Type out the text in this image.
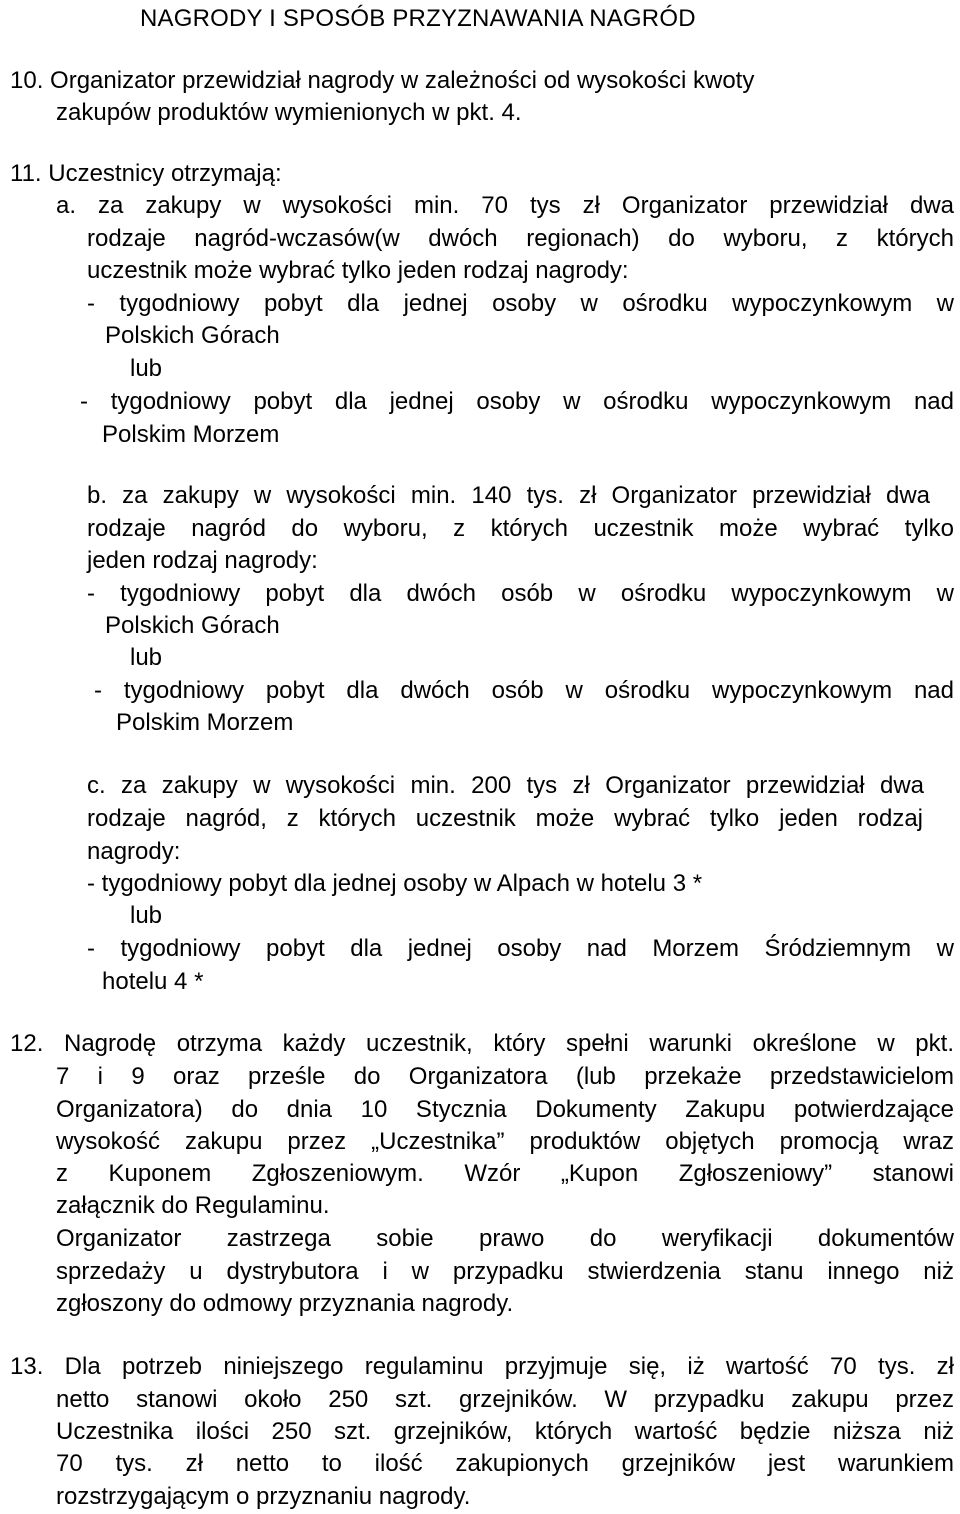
NAGRODY I SPOSÓB PRZYZNAWANIA NAGRÓD
10. Organizator przewidział nagrody w zależności od wysokości kwoty
zakupów produktów wymienionych w pkt. 4.
11. Uczestnicy otrzymają:
a. za zakupy w wysokości min. 70 tys zł Organizator przewidział dwa
rodzaje nagród-wczasów(w dwóch regionach) do wyboru, z których
uczestnik może wybrać tylko jeden rodzaj nagrody:
- tygodniowy pobyt dla jednej osoby w ośrodku wypoczynkowym w
Polskich Górach
lub
- tygodniowy pobyt dla jednej osoby w ośrodku wypoczynkowym nad
Polskim Morzem
b. za zakupy w wysokości min. 140 tys. zł Organizator przewidział dwa
rodzaje nagród do wyboru, z których uczestnik może wybrać tylko
jeden rodzaj nagrody:
- tygodniowy pobyt dla dwóch osób w ośrodku wypoczynkowym w
Polskich Górach
lub
- tygodniowy pobyt dla dwóch osób w ośrodku wypoczynkowym nad
Polskim Morzem
c. za zakupy w wysokości min. 200 tys zł Organizator przewidział dwa
rodzaje nagród, z których uczestnik może wybrać tylko jeden rodzaj
nagrody:
- tygodniowy pobyt dla jednej osoby w Alpach w hotelu 3 *
lub
- tygodniowy pobyt dla jednej osoby nad Morzem Śródziemnym w
hotelu 4 *
12. Nagrodę otrzyma każdy uczestnik, który spełni warunki określone w pkt.
7 i 9 oraz prześle do Organizatora (lub przekaże przedstawicielom
Organizatora) do dnia 10 Stycznia Dokumenty Zakupu potwierdzające
wysokość zakupu przez „Uczestnika” produktów objętych promocją wraz
z Kuponem Zgłoszeniowym. Wzór „Kupon Zgłoszeniowy” stanowi
załącznik do Regulaminu.
Organizator zastrzega sobie prawo do weryfikacji dokumentów
sprzedaży u dystrybutora i w przypadku stwierdzenia stanu innego niż
zgłoszony do odmowy przyznania nagrody.
13. Dla potrzeb niniejszego regulaminu przyjmuje się, iż wartość 70 tys. zł
netto stanowi około 250 szt. grzejników. W przypadku zakupu przez
Uczestnika ilości 250 szt. grzejników, których wartość będzie niższa niż
70 tys. zł netto to ilość zakupionych grzejników jest warunkiem
rozstrzygającym o przyznaniu nagrody.
